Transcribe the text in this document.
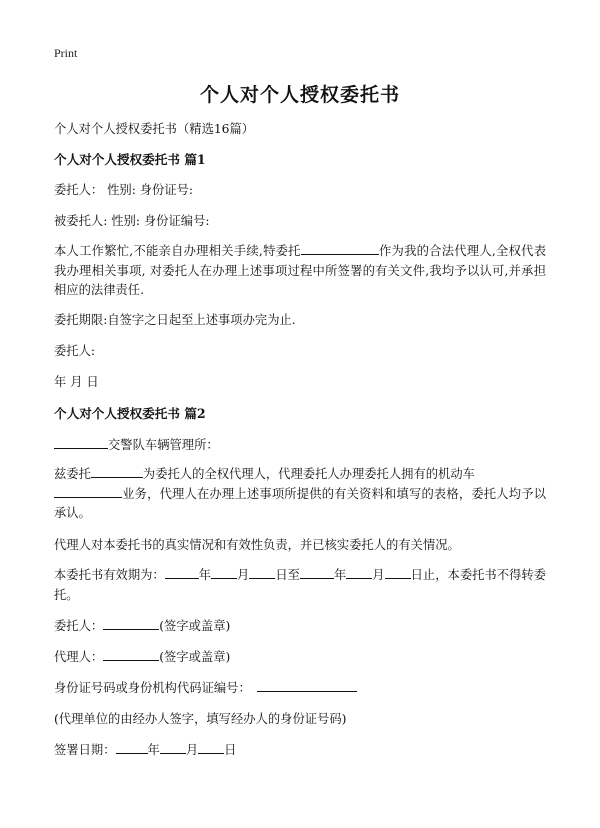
Print
个人对个人授权委托书
个人对个人授权委托书（精选16篇）
个人对个人授权委托书 篇1
委托人： 性别: 身份证号:
被委托人: 性别: 身份证编号:
本人工作繁忙,不能亲自办理相关手续,特委托	作为我的合法代理人,全权代表我办理相关事项, 对委托人在办理上述事项过程中所签署的有关文件,我均予以认可,并承担相应的法律责任.
委托期限:自签字之日起至上述事项办完为止.
委托人:
年 月 日
个人对个人授权委托书 篇2
交警队车辆管理所：
兹委托	为委托人的全权代理人，代理委托人办理委托人拥有的机动车
业务，代理人在办理上述事项所提供的有关资料和填写的表格，委托人均予以承认。
代理人对本委托书的真实情况和有效性负责，并已核实委托人的有关情况。
本委托书有效期为：	年 月 日至	年 月 日止，本委托书不得转委托。
委托人：	(签字或盖章)
代理人：	(签字或盖章)
身份证号码或身份机构代码证编号：
(代理单位的由经办人签字，填写经办人的身份证号码)
签署日期：	年 月 日
